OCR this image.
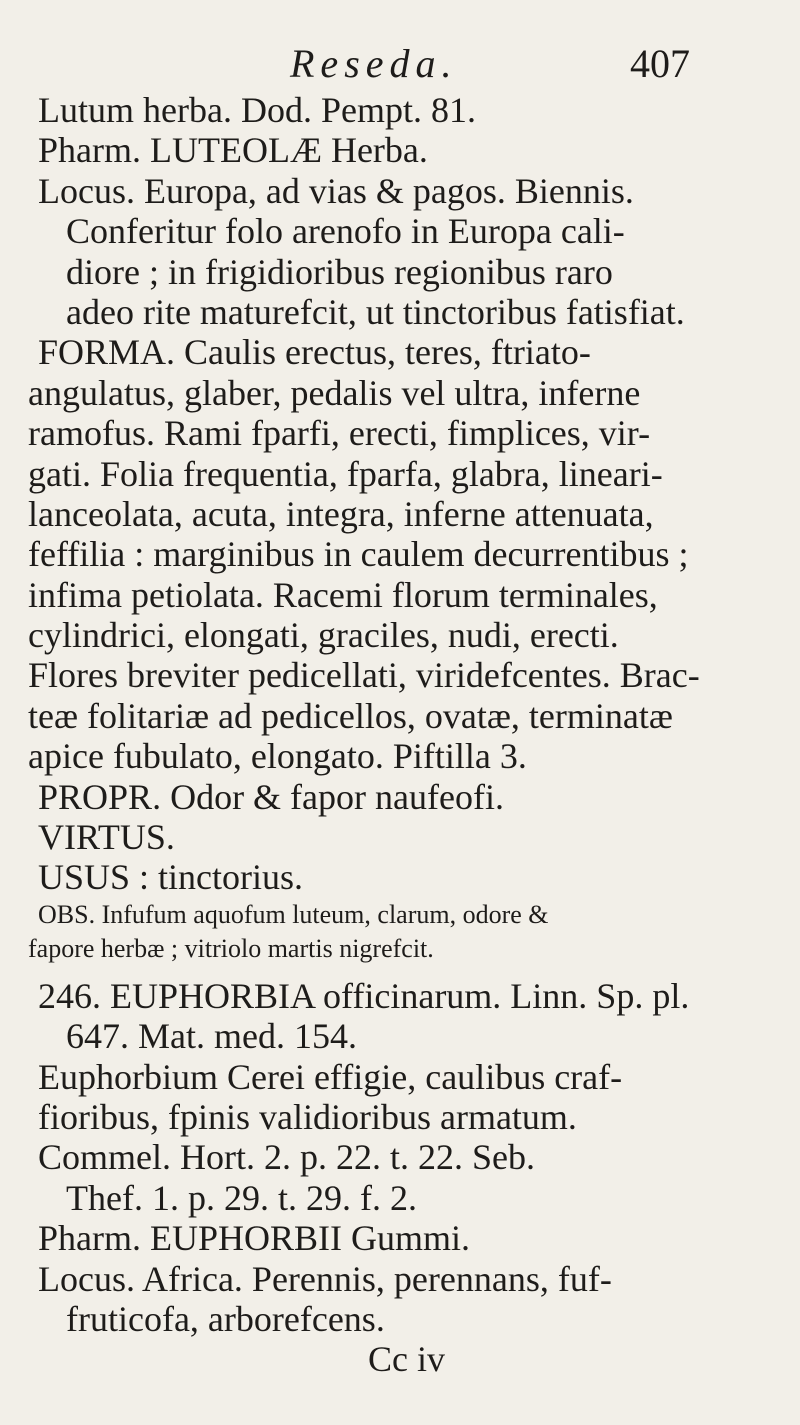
Reseda.	407
Lutum herba. Dod. Pempt. 81.
Pharm. LUTEOLÆ Herba.
Locus. Europa, ad vias & pagos. Biennis.
Conferitur folo arenofo in Europa cali-
diore ; in frigidioribus regionibus raro
adeo rite maturefcit, ut tinctoribus fatisfiat.
FORMA. Caulis erectus, teres, ftriato-
angulatus, glaber, pedalis vel ultra, inferne
ramofus. Rami fparfi, erecti, fimplices, vir-
gati. Folia frequentia, fparfa, glabra, lineari-
lanceolata, acuta, integra, inferne attenuata,
feffilia : marginibus in caulem decurrentibus ;
infima petiolata. Racemi florum terminales,
cylindrici, elongati, graciles, nudi, erecti.
Flores breviter pedicellati, viridefcentes. Brac-
teæ folitariæ ad pedicellos, ovatæ, terminatæ
apice fubulato, elongato. Piftilla 3.
PROPR. Odor & fapor naufeofi.
VIRTUS.
USUS : tinctorius.
OBS. Infufum aquofum luteum, clarum, odore &
fapore herbæ ; vitriolo martis nigrefcit.
246. EUPHORBIA officinarum. Linn. Sp. pl.
647. Mat. med. 154.
Euphorbium Cerei effigie, caulibus craf-
fioribus, fpinis validioribus armatum.
Commel. Hort. 2. p. 22. t. 22. Seb.
Thef. 1. p. 29. t. 29. f. 2.
Pharm. EUPHORBII Gummi.
Locus. Africa. Perennis, perennans, fuf-
fruticofa, arborefcens.
Cc iv
